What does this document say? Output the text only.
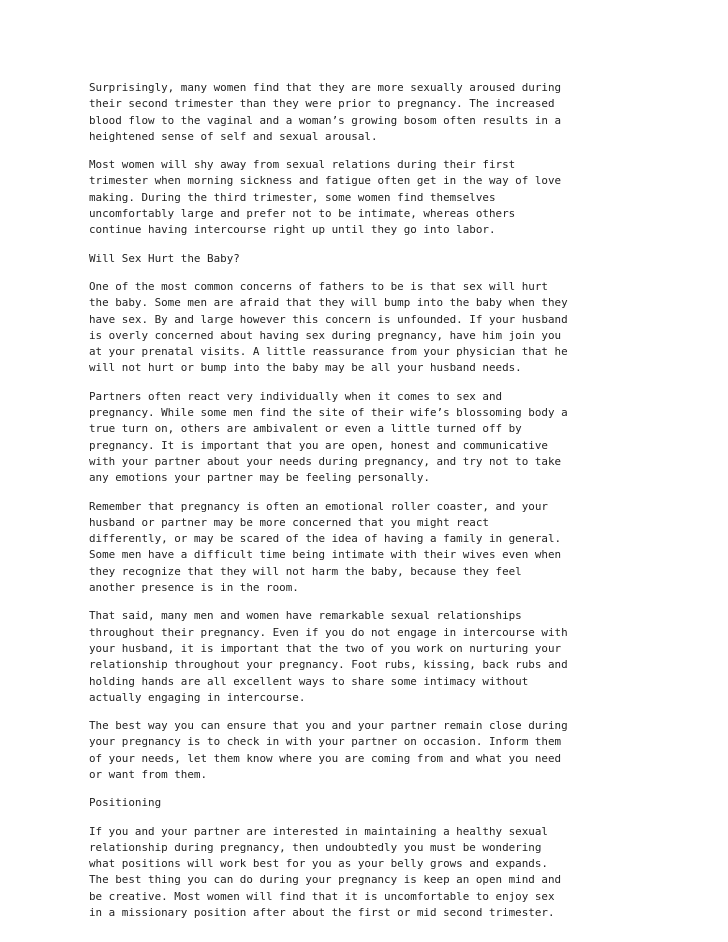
Surprisingly, many women find that they are more sexually aroused during
their second trimester than they were prior to pregnancy. The increased
blood flow to the vaginal and a woman’s growing bosom often results in a
heightened sense of self and sexual arousal.

Most women will shy away from sexual relations during their first
trimester when morning sickness and fatigue often get in the way of love
making. During the third trimester, some women find themselves
uncomfortably large and prefer not to be intimate, whereas others
continue having intercourse right up until they go into labor.

Will Sex Hurt the Baby?

One of the most common concerns of fathers to be is that sex will hurt
the baby. Some men are afraid that they will bump into the baby when they
have sex. By and large however this concern is unfounded. If your husband
is overly concerned about having sex during pregnancy, have him join you
at your prenatal visits. A little reassurance from your physician that he
will not hurt or bump into the baby may be all your husband needs.

Partners often react very individually when it comes to sex and
pregnancy. While some men find the site of their wife’s blossoming body a
true turn on, others are ambivalent or even a little turned off by
pregnancy. It is important that you are open, honest and communicative
with your partner about your needs during pregnancy, and try not to take
any emotions your partner may be feeling personally.

Remember that pregnancy is often an emotional roller coaster, and your
husband or partner may be more concerned that you might react
differently, or may be scared of the idea of having a family in general.
Some men have a difficult time being intimate with their wives even when
they recognize that they will not harm the baby, because they feel
another presence is in the room.

That said, many men and women have remarkable sexual relationships
throughout their pregnancy. Even if you do not engage in intercourse with
your husband, it is important that the two of you work on nurturing your
relationship throughout your pregnancy. Foot rubs, kissing, back rubs and
holding hands are all excellent ways to share some intimacy without
actually engaging in intercourse.

The best way you can ensure that you and your partner remain close during
your pregnancy is to check in with your partner on occasion. Inform them
of your needs, let them know where you are coming from and what you need
or want from them.

Positioning

If you and your partner are interested in maintaining a healthy sexual
relationship during pregnancy, then undoubtedly you must be wondering
what positions will work best for you as your belly grows and expands.
The best thing you can do during your pregnancy is keep an open mind and
be creative. Most women will find that it is uncomfortable to enjoy sex
in a missionary position after about the first or mid second trimester.
